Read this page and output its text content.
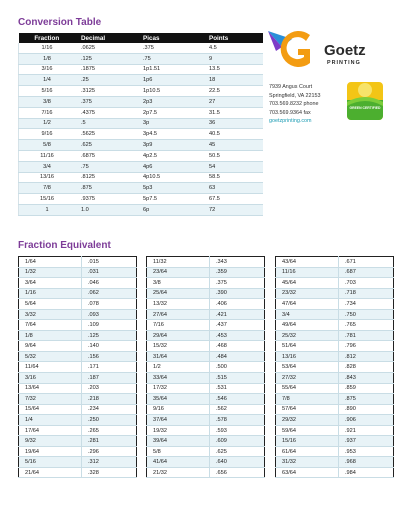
Conversion Table
Fraction	Decimal	Picas	Points
1/16	.0625	.375	4.5
1/8	.125	.75	9
3/16	.1875	1p1.51	13.5
1/4	.25	1p6	18
5/16	.3125	1p10.5	22.5
3/8	.375	2p3	27
7/16	.4375	2p7.5	31.5
1/2	.5	3p	36
9/16	.5625	3p4.5	40.5
5/8	.625	3p9	45
11/16	.6875	4p2.5	50.5
3/4	.75	4p6	54
13/16	.8125	4p10.5	58.5
7/8	.875	5p3	63
15/16	.9375	5p7.5	67.5
1	1.0	6p	72
Fraction Equivalent
1/64	.015
1/32	.031
3/64	.046
1/16	.062
5/64	.078
3/32	.093
7/64	.109
1/8	.125
9/64	.140
5/32	.156
11/64	.171
3/16	.187
13/64	.203
7/32	.218
15/64	.234
1/4	.250
17/64	.265
9/32	.281
19/64	.296
5/16	.312
21/64	.328
11/32	.343
23/64	.359
3/8	.375
25/64	.390
13/32	.406
27/64	.421
7/16	.437
29/64	.453
15/32	.468
31/64	.484
1/2	.500
33/64	.515
17/32	.531
35/64	.546
9/16	.562
37/64	.578
19/32	.593
39/64	.609
5/8	.625
41/64	.640
21/32	.656
43/64	.671
11/16	.687
45/64	.703
23/32	.718
47/64	.734
3/4	.750
49/64	.765
25/32	.781
51/64	.796
13/16	.812
53/64	.828
27/32	.843
55/64	.859
7/8	.875
57/64	.890
29/32	.906
59/64	.921
15/16	.937
61/64	.953
31/32	.968
63/64	.984
Goetz
PRINTING
7939 Angus Court
Springfield, VA 22153
703.569.8232 phone
703.569.9364 fax
goetzprinting.com
GREEN CERTIFIED
